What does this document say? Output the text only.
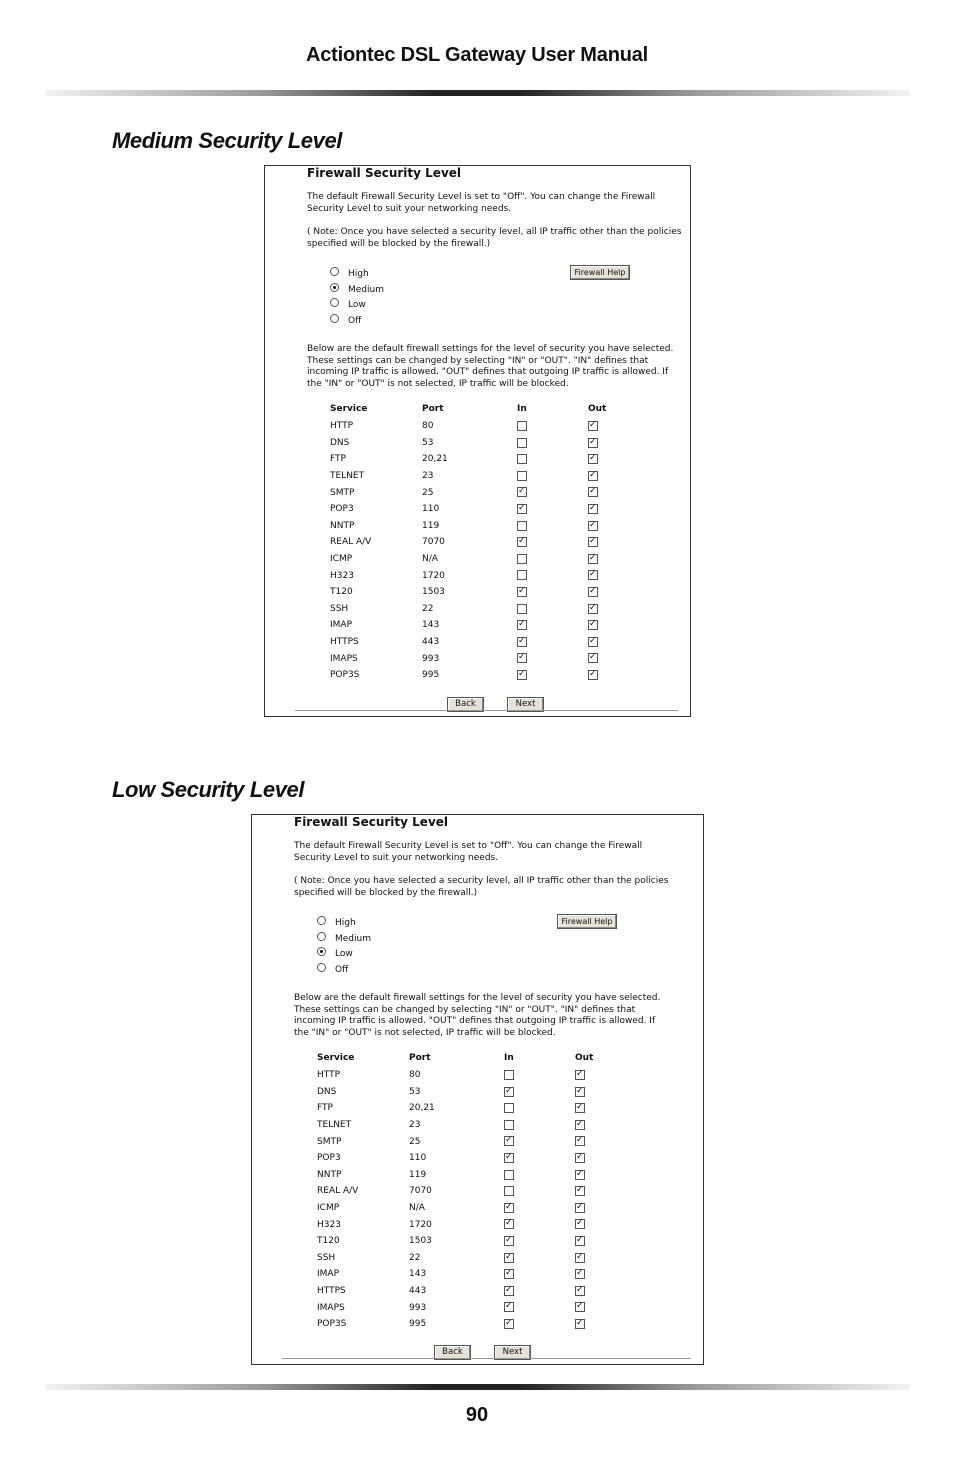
Actiontec DSL Gateway User Manual
Medium Security Level
Firewall Security Level

The default Firewall Security Level is set to "Off". You can change the Firewall Security Level to suit your networking needs.

( Note: Once you have selected a security level, all IP traffic other than the policies specified will be blocked by the firewall.)

Firewall Help
High
Medium
Low
Off

Below are the default firewall settings for the level of security you have selected. These settings can be changed by selecting "IN" or "OUT". "IN" defines that incoming IP traffic is allowed. "OUT" defines that outgoing IP traffic is allowed. If the "IN" or "OUT" is not selected, IP traffic will be blocked.

Service	Port	In	Out
HTTP	80		✓
DNS	53		✓
FTP	20,21		✓
TELNET	23		✓
SMTP	25	✓	✓
POP3	110	✓	✓
NNTP	119		✓
REAL A/V	7070	✓	✓
ICMP	N/A		✓
H323	1720		✓
T120	1503	✓	✓
SSH	22		✓
IMAP	143	✓	✓
HTTPS	443	✓	✓
IMAPS	993	✓	✓
POP3S	995	✓	✓
Back	Next
Low Security Level
Firewall Security Level

The default Firewall Security Level is set to "Off". You can change the Firewall Security Level to suit your networking needs.

( Note: Once you have selected a security level, all IP traffic other than the policies specified will be blocked by the firewall.)

Firewall Help
High
Medium
Low
Off

Below are the default firewall settings for the level of security you have selected. These settings can be changed by selecting "IN" or "OUT". "IN" defines that incoming IP traffic is allowed. "OUT" defines that outgoing IP traffic is allowed. If the "IN" or "OUT" is not selected, IP traffic will be blocked.

Service	Port	In	Out
HTTP	80		✓
DNS	53	✓	✓
FTP	20,21		✓
TELNET	23		✓
SMTP	25	✓	✓
POP3	110	✓	✓
NNTP	119		✓
REAL A/V	7070		✓
ICMP	N/A	✓	✓
H323	1720	✓	✓
T120	1503	✓	✓
SSH	22	✓	✓
IMAP	143	✓	✓
HTTPS	443	✓	✓
IMAPS	993	✓	✓
POP3S	995	✓	✓
Back	Next
90
